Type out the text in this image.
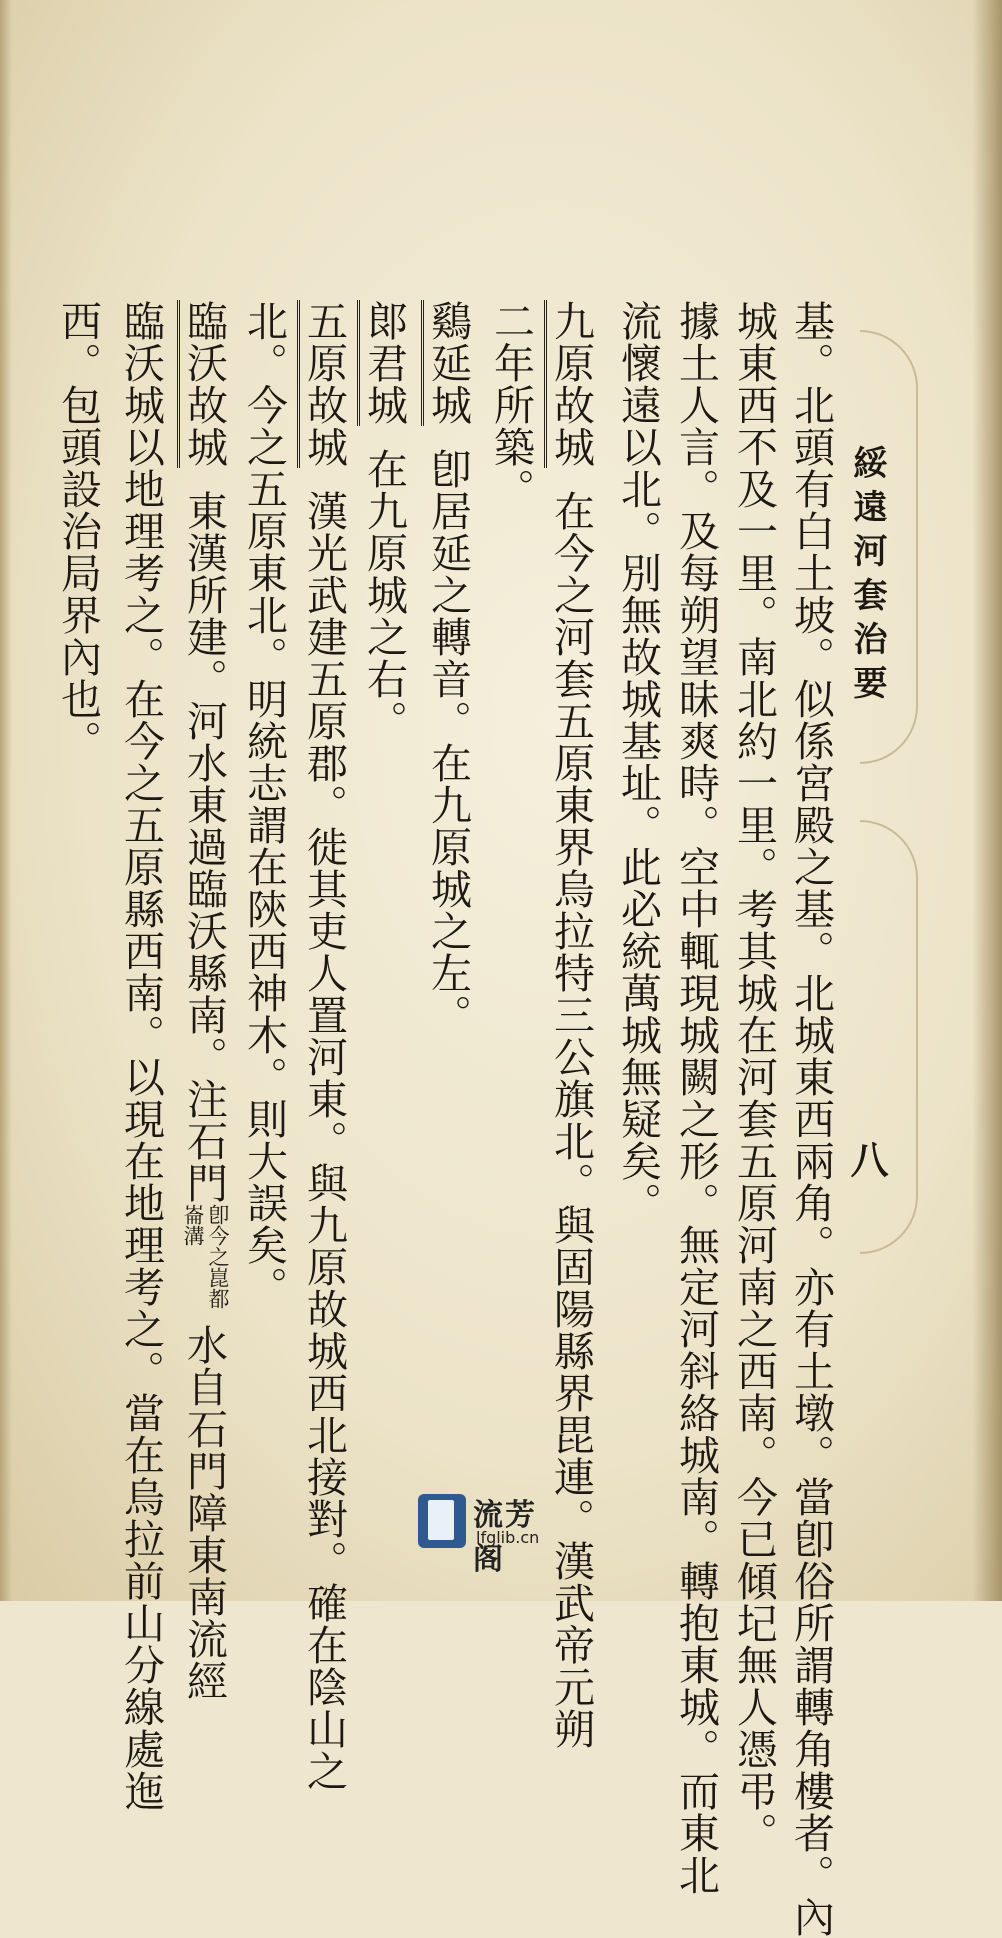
綏遠河套治要
八
基。北頭有白土坡。似係宮殿之基。北城東西兩角。亦有土墩。當卽俗所謂轉角樓者。內
城東西不及一里。南北約一里。考其城在河套五原河南之西南。今已傾圮無人憑弔。
據土人言。及每朔望昧爽時。空中輒現城闕之形。無定河斜絡城南。轉抱東城。而東北
流懷遠以北。別無故城基址。此必統萬城無疑矣。
九原故城在今之河套五原東界烏拉特三公旗北。與固陽縣界毘連。漢武帝元朔
二年所築。
鷄延城卽居延之轉音。在九原城之左。
郞君城在九原城之右。
五原故城漢光武建五原郡。徙其吏人置河東。與九原故城西北接對。確在陰山之
北。今之五原東北。明統志謂在陝西神木。則大誤矣。
臨沃故城東漢所建。河水東過臨沃縣南。注石門卽今之崑都崙溝水自石門障東南流經
臨沃城以地理考之。在今之五原縣西南。以現在地理考之。當在烏拉前山分線處迤
西。包頭設治局界內也。
流芳阁
lfglib.cn
